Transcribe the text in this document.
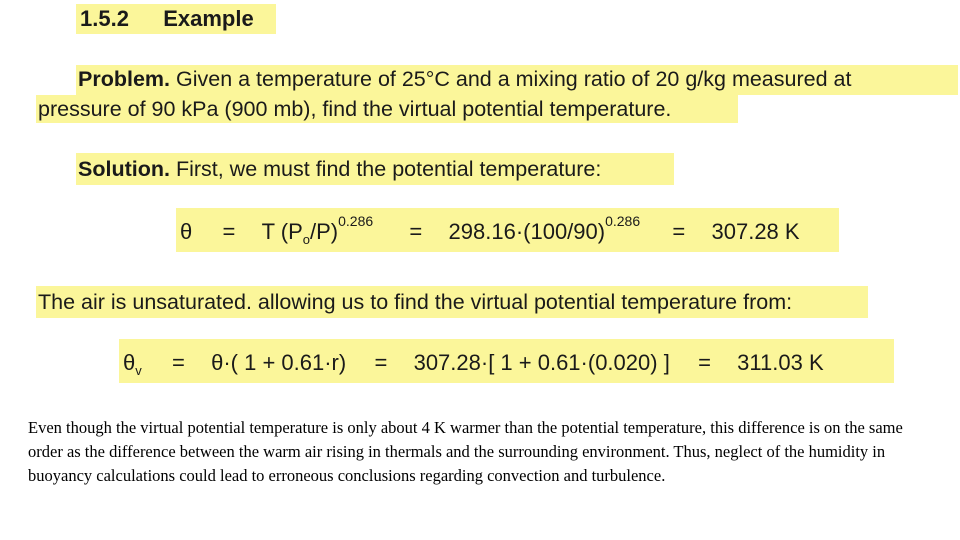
1.5.2 Example
Problem. Given a temperature of 25°C and a mixing ratio of 20 g/kg measured at
pressure of 90 kPa (900 mb), find the virtual potential temperature.
Solution. First, we must find the potential temperature:
θ = T $(P_o/P)^{0.286} = 298.16\cdot(100/90)^{0.286} = 307.28$ K
The air is unsaturated. allowing us to find the virtual potential temperature from:
$\theta_v = \theta\cdot$( 1 + 0.61·r) = 307.28·[ 1 + 0.61·(0.020) ] = 311.03 K
Even though the virtual potential temperature is only about 4 K warmer than the potential temperature, this difference is on the same order as the difference between the warm air rising in thermals and the surrounding environment. Thus, neglect of the humidity in buoyancy calculations could lead to erroneous conclusions regarding convection and turbulence.
